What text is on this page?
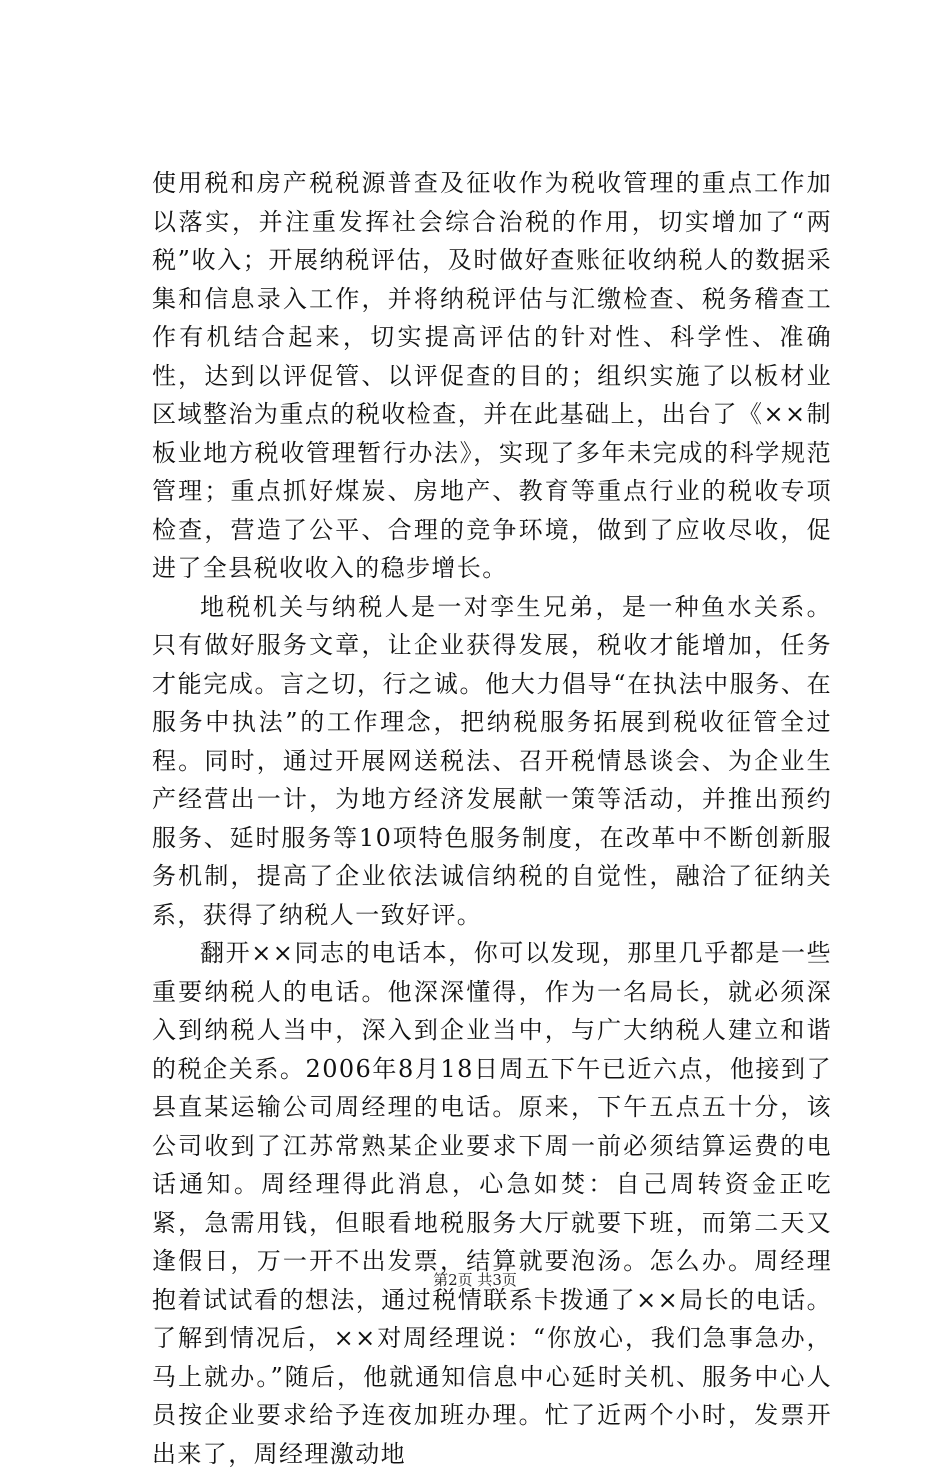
使用税和房产税税源普查及征收作为税收管理的重点工作加以落实，并注重发挥社会综合治税的作用，切实增加了“两税”收入；开展纳税评估，及时做好查账征收纳税人的数据采集和信息录入工作，并将纳税评估与汇缴检查、税务稽查工作有机结合起来，切实提高评估的针对性、科学性、准确性，达到以评促管、以评促查的目的；组织实施了以板材业区域整治为重点的税收检查，并在此基础上，出台了《××制板业地方税收管理暂行办法》，实现了多年未完成的科学规范管理；重点抓好煤炭、房地产、教育等重点行业的税收专项检查，营造了公平、合理的竞争环境，做到了应收尽收，促进了全县税收收入的稳步增长。

地税机关与纳税人是一对孪生兄弟，是一种鱼水关系。只有做好服务文章，让企业获得发展，税收才能增加，任务才能完成。言之切，行之诚。他大力倡导“在执法中服务、在服务中执法”的工作理念，把纳税服务拓展到税收征管全过程。同时，通过开展网送税法、召开税情恳谈会、为企业生产经营出一计，为地方经济发展献一策等活动，并推出预约服务、延时服务等10项特色服务制度，在改革中不断创新服务机制，提高了企业依法诚信纳税的自觉性，融洽了征纳关系，获得了纳税人一致好评。

翻开××同志的电话本，你可以发现，那里几乎都是一些重要纳税人的电话。他深深懂得，作为一名局长，就必须深入到纳税人当中，深入到企业当中，与广大纳税人建立和谐的税企关系。2006年8月18日周五下午已近六点，他接到了县直某运输公司周经理的电话。原来，下午五点五十分，该公司收到了江苏常熟某企业要求下周一前必须结算运费的电话通知。周经理得此消息，心急如焚：自己周转资金正吃紧，急需用钱，但眼看地税服务大厅就要下班，而第二天又逢假日，万一开不出发票，结算就要泡汤。怎么办。周经理抱着试试看的想法，通过税情联系卡拨通了××局长的电话。了解到情况后，××对周经理说：“你放心，我们急事急办，马上就办。”随后，他就通知信息中心延时关机、服务中心人员按企业要求给予连夜加班办理。忙了近两个小时，发票开出来了，周经理激动地

第2页 共3页
